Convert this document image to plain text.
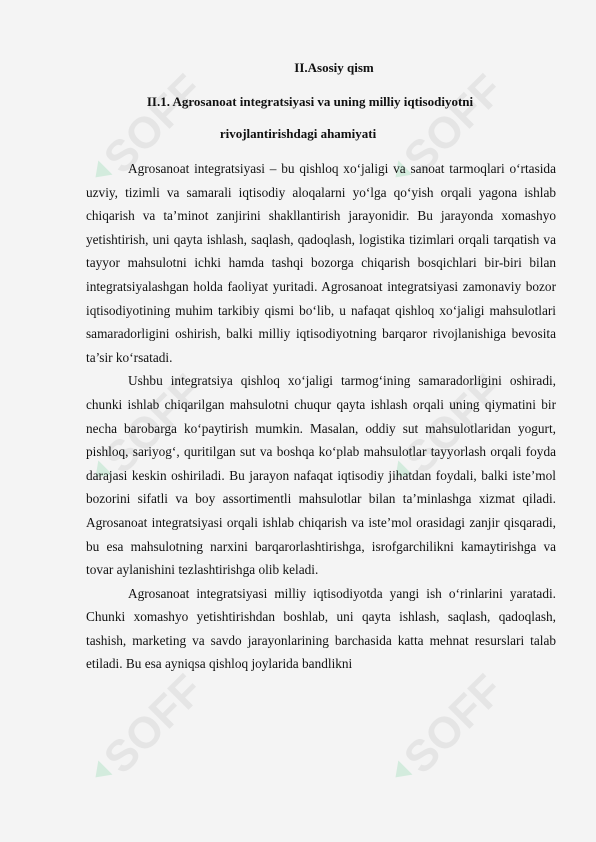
SOFF	SOFF
SOFF	SOFF
SOFF	SOFF
II.Asosiy qism
II.1. Agrosanoat integratsiyasi va uning milliy iqtisodiyotni
rivojlantirishdagi ahamiyati

Agrosanoat integratsiyasi – bu qishloq xo‘jaligi va sanoat tarmoqlari o‘rtasida uzviy, tizimli va samarali iqtisodiy aloqalarni yo‘lga qo‘yish orqali yagona ishlab chiqarish va ta’minot zanjirini shakllantirish jarayonidir. Bu jarayonda xomashyo yetishtirish, uni qayta ishlash, saqlash, qadoqlash, logistika tizimlari orqali tarqatish va tayyor mahsulotni ichki hamda tashqi bozorga chiqarish bosqichlari bir-biri bilan integratsiyalashgan holda faoliyat yuritadi. Agrosanoat integratsiyasi zamonaviy bozor iqtisodiyotining muhim tarkibiy qismi bo‘lib, u nafaqat qishloq xo‘jaligi mahsulotlari samaradorligini oshirish, balki milliy iqtisodiyotning barqaror rivojlanishiga bevosita ta’sir ko‘rsatadi.

Ushbu integratsiya qishloq xo‘jaligi tarmog‘ining samaradorligini oshiradi, chunki ishlab chiqarilgan mahsulotni chuqur qayta ishlash orqali uning qiymatini bir necha barobarga ko‘paytirish mumkin. Masalan, oddiy sut mahsulotlaridan yogurt, pishloq, sariyog‘, quritilgan sut va boshqa ko‘plab mahsulotlar tayyorlash orqali foyda darajasi keskin oshiriladi. Bu jarayon nafaqat iqtisodiy jihatdan foydali, balki iste’mol bozorini sifatli va boy assortimentli mahsulotlar bilan ta’minlashga xizmat qiladi. Agrosanoat integratsiyasi orqali ishlab chiqarish va iste’mol orasidagi zanjir qisqaradi, bu esa mahsulotning narxini barqarorlashtirishga, isrofgarchilikni kamaytirishga va tovar aylanishini tezlashtirishga olib keladi.

Agrosanoat integratsiyasi milliy iqtisodiyotda yangi ish o‘rinlarini yaratadi. Chunki xomashyo yetishtirishdan boshlab, uni qayta ishlash, saqlash, qadoqlash, tashish, marketing va savdo jarayonlarining barchasida katta mehnat resurslari talab etiladi. Bu esa ayniqsa qishloq joylarida bandlikni
